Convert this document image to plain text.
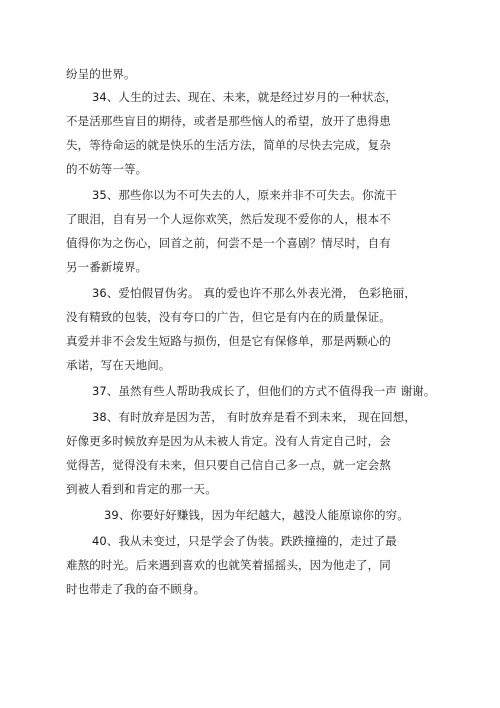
纷呈的世界。
34、人生的过去、现在、未来，就是经过岁月的一种状态，
不是活那些盲目的期待，或者是那些恼人的希望，放开了患得患
失，等待命运的就是快乐的生活方法，简单的尽快去完成，复杂
的不妨等一等。
35、那些你以为不可失去的人，原来并非不可失去。你流干
了眼泪，自有另一个人逗你欢笑，然后发现不爱你的人，根本不
值得你为之伤心，回首之前，何尝不是一个喜剧？情尽时，自有
另一番新境界。
36、爱怕假冒伪劣。 真的爱也许不那么外表光滑， 色彩艳丽，
没有精致的包装，没有夸口的广告，但它是有内在的质量保证。
真爱并非不会发生短路与损伤，但是它有保修单，那是两颗心的
承诺，写在天地间。
37、虽然有些人帮助我成长了，但他们的方式不值得我一声 谢谢。
38、有时放弃是因为苦， 有时放弃是看不到未来， 现在回想，
好像更多时候放弃是因为从未被人肯定。没有人肯定自己时，会
觉得苦，觉得没有未来，但只要自己信自己多一点，就一定会熬
到被人看到和肯定的那一天。
39、你要好好赚钱，因为年纪越大，越没人能原谅你的穷。
40、我从未变过，只是学会了伪装。跌跌撞撞的，走过了最
难熬的时光。后来遇到喜欢的也就笑着摇摇头，因为他走了，同
时也带走了我的奋不顾身。
